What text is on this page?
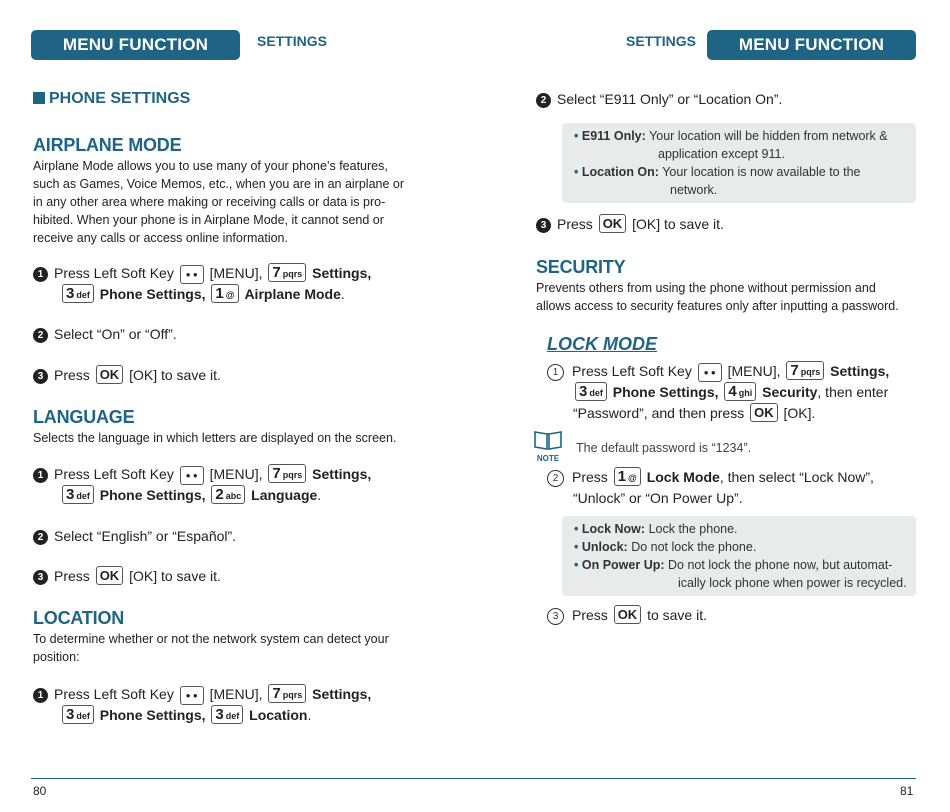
MENU FUNCTION	SETTINGS	SETTINGS	MENU FUNCTION
PHONE SETTINGS
AIRPLANE MODE
Airplane Mode allows you to use many of your phone’s features,
such as Games, Voice Memos, etc., when you are in an airplane or
in any other area where making or receiving calls or data is pro-
hibited. When your phone is in Airplane Mode, it cannot send or
receive any calls or access online information.
1 Press Left Soft Key ● ● [MENU], 7 pqrs Settings,
3 def Phone Settings, 1 @ Airplane Mode.
2 Select “On” or “Off”.
3 Press OK [OK] to save it.
LANGUAGE
Selects the language in which letters are displayed on the screen.
1 Press Left Soft Key ● ● [MENU], 7 pqrs Settings,
3 def Phone Settings, 2 abc Language.
2 Select “English” or “Español”.
3 Press OK [OK] to save it.
LOCATION
To determine whether or not the network system can detect your
position:
1 Press Left Soft Key ● ● [MENU], 7 pqrs Settings,
3 def Phone Settings, 3 def Location.
80
2 Select “E911 Only” or “Location On”.
• E911 Only: Your location will be hidden from network &
application except 911.
• Location On: Your location is now available to the
network.
3 Press OK [OK] to save it.
SECURITY
Prevents others from using the phone without permission and
allows access to security features only after inputting a password.
LOCK MODE
1 Press Left Soft Key ● ● [MENU], 7 pqrs Settings,
3 def Phone Settings, 4 ghi Security, then enter
“Password”, and then press OK [OK].
NOTE
The default password is “1234”.
2 Press 1 @ Lock Mode, then select “Lock Now”,
“Unlock” or “On Power Up”.
• Lock Now: Lock the phone.
• Unlock: Do not lock the phone.
• On Power Up: Do not lock the phone now, but automat-
ically lock phone when power is recycled.
3 Press OK to save it.
81
